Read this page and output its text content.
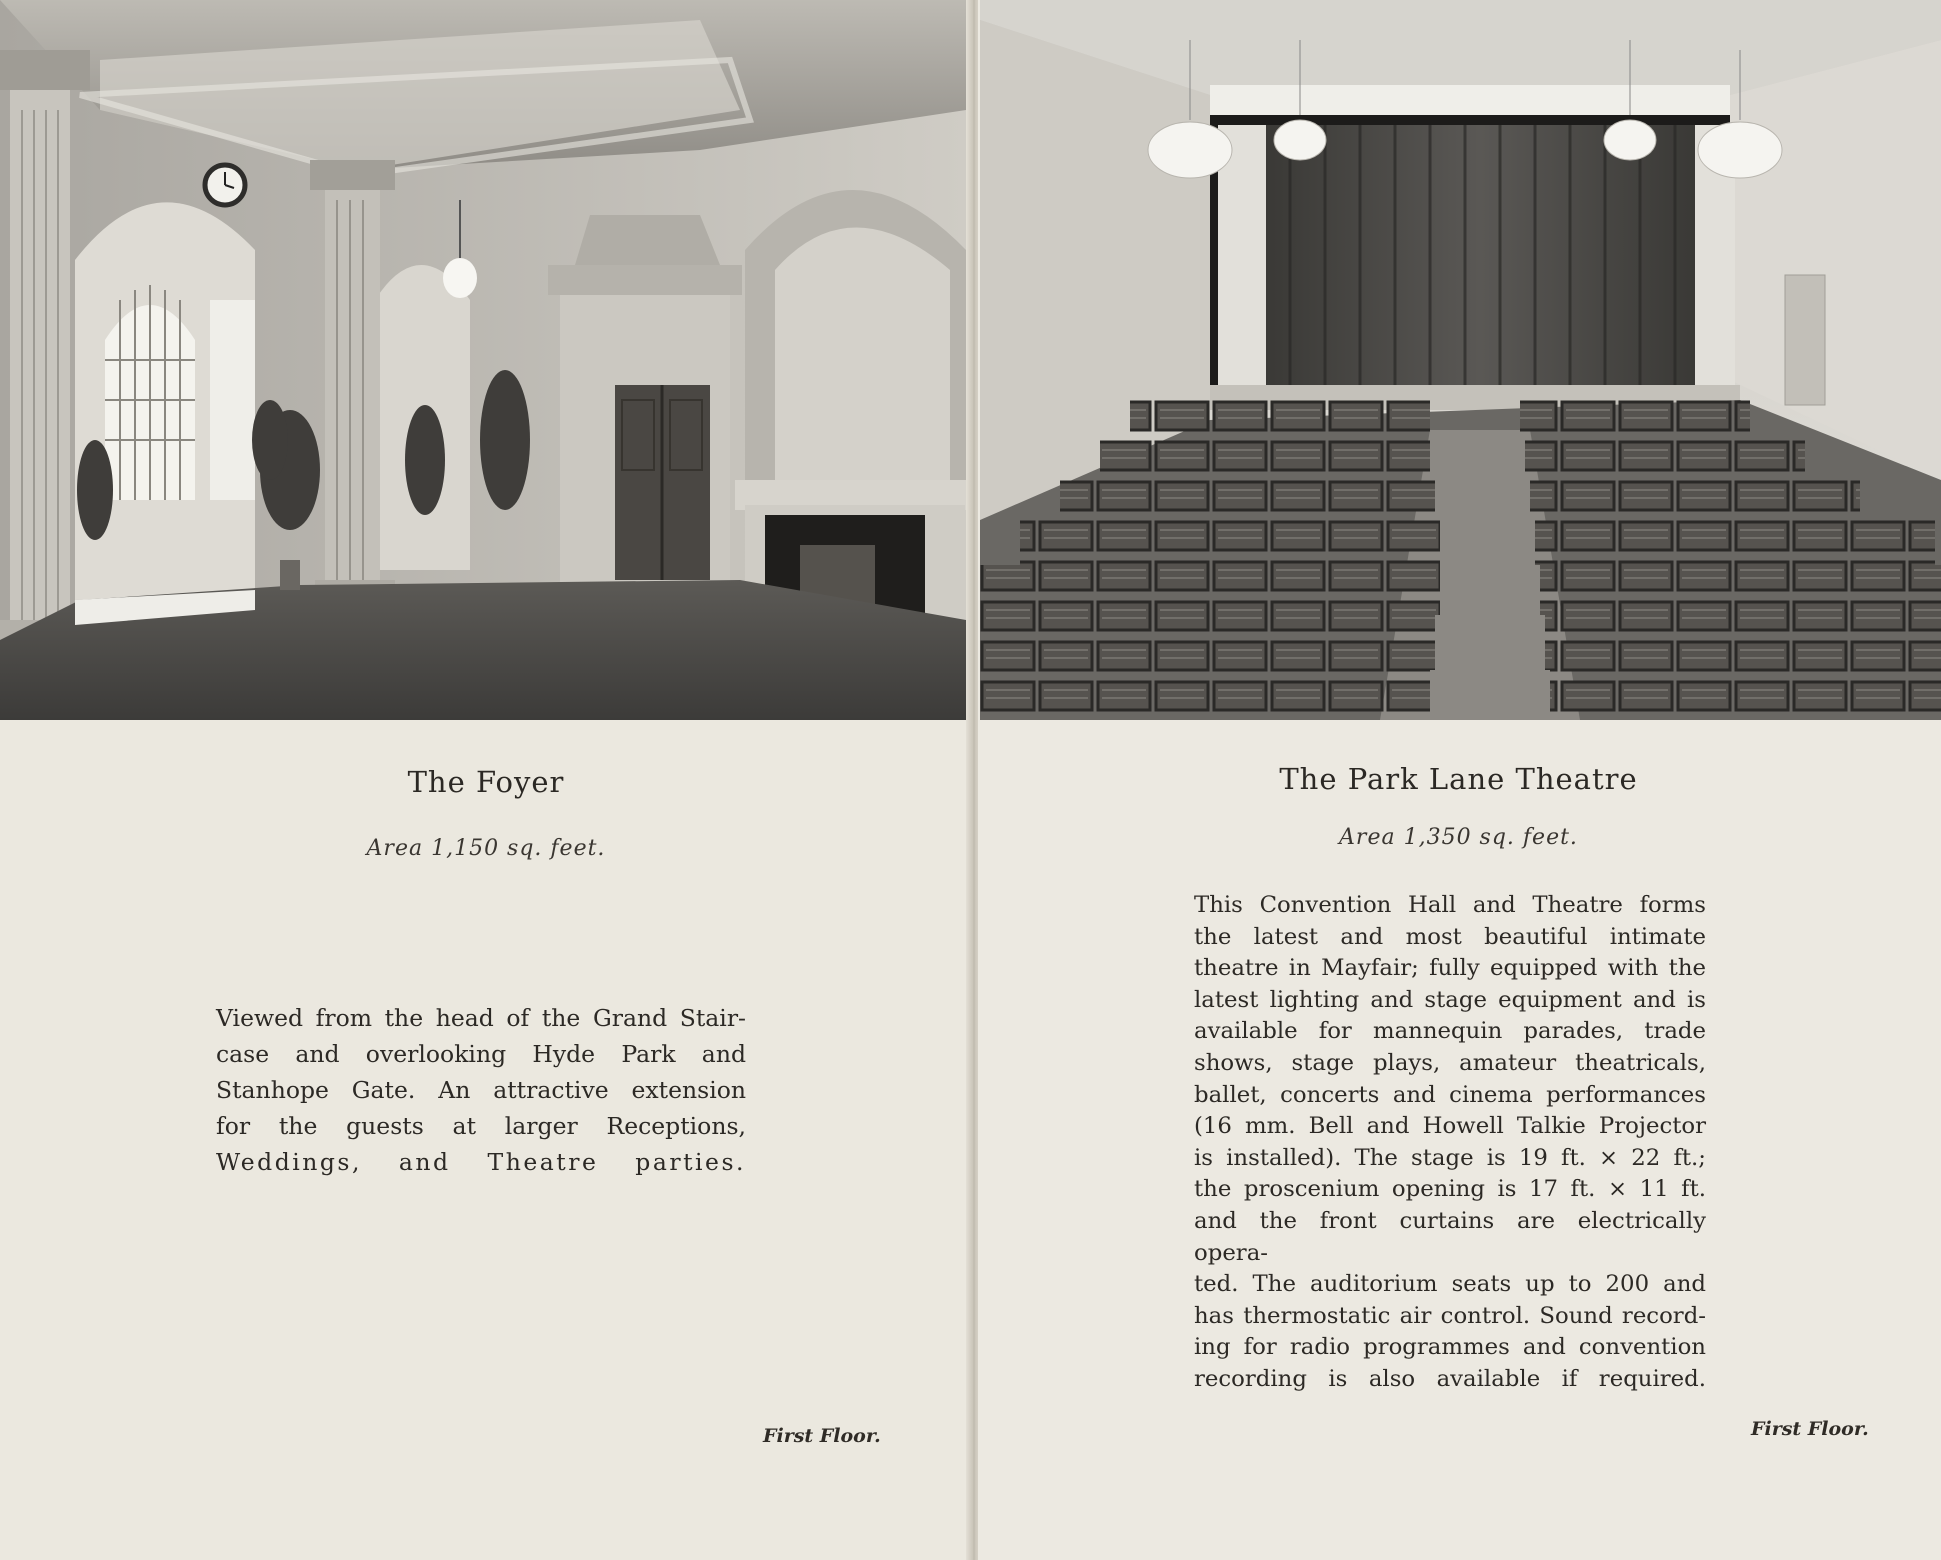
The Foyer
Area 1,150 sq. feet.
Viewed from the head of the Grand Stair-
case and overlooking Hyde Park and
Stanhope Gate. An attractive extension
for the guests at larger Receptions,
Weddings, and Theatre parties.
First Floor.
The Park Lane Theatre
Area 1,350 sq. feet.
This Convention Hall and Theatre forms
the latest and most beautiful intimate
theatre in Mayfair; fully equipped with the
latest lighting and stage equipment and is
available for mannequin parades, trade
shows, stage plays, amateur theatricals,
ballet, concerts and cinema performances
(16 mm. Bell and Howell Talkie Projector
is installed). The stage is 19 ft. × 22 ft.;
the proscenium opening is 17 ft. × 11 ft.
and the front curtains are electrically opera-
ted. The auditorium seats up to 200 and
has thermostatic air control. Sound record-
ing for radio programmes and convention
recording is also available if required.
First Floor.
